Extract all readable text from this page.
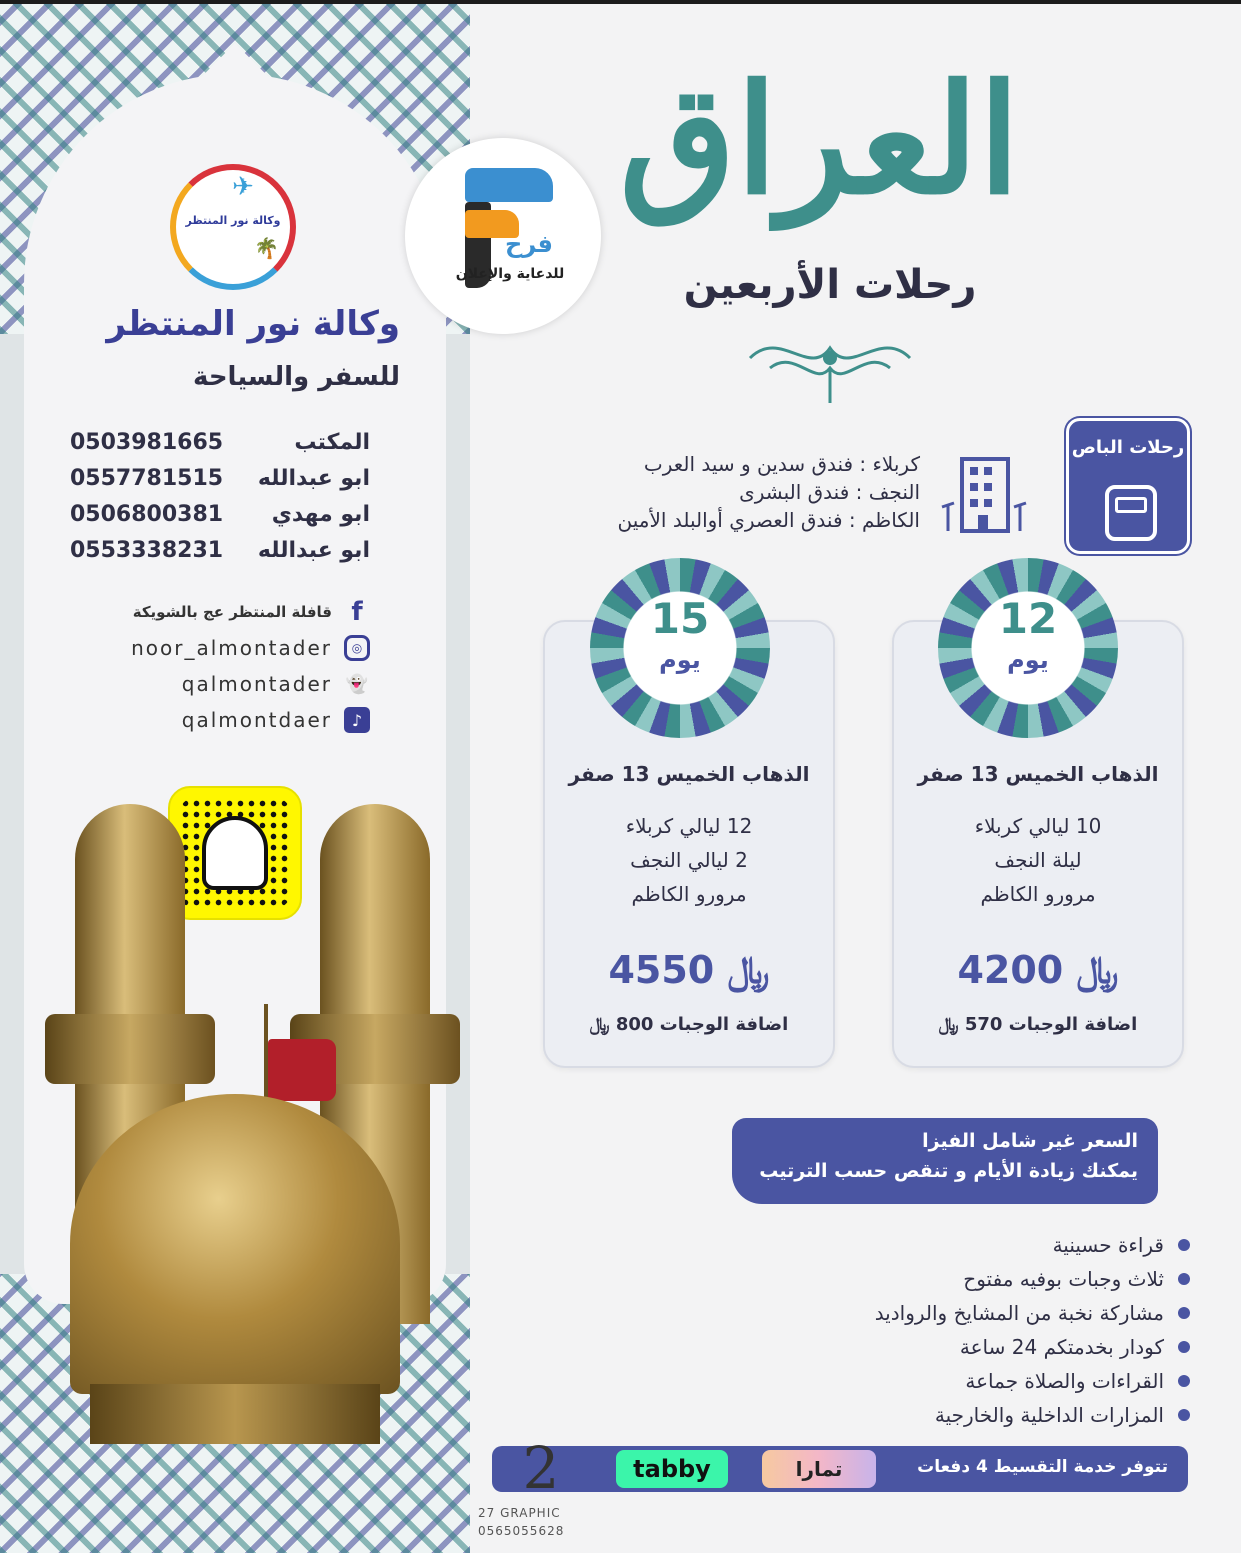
✈
وكالة نور المنتظر
🌴
وكالة نور المنتظر
للسفر والسياحة
المكتب
0503981665
ابو عبدالله
0557781515
ابو مهدي
0506800381
ابو عبدالله
0553338231
f
قافلة المنتظر عج بالشويكة
◎
noor_almontader
👻
qalmontader
♪
qalmontdaer
فرح
للدعاية والإعلان
العراق
رحلات الأربعين
رحلات الباص
كربلاء : فندق سدين و سيد العرب
النجف : فندق البشرى
الكاظم : فندق العصري أوالبلد الأمين
الذهاب الخميس 13 صفر
10 ليالي كربلاء
ليلة النجف
مرورو الكاظم
4200 ﷼
اضافة الوجبات 570 ﷼
12
يوم
الذهاب الخميس 13 صفر
12 ليالي كربلاء
2 ليالي النجف
مرورو الكاظم
4550 ﷼
اضافة الوجبات 800 ﷼
15
يوم
السعر غير شامل الفيزا
يمكنك زيادة الأيام و تنقص حسب الترتيب
قراءة حسينية
ثلاث وجبات بوفيه مفتوح
مشاركة نخبة من المشايخ والروادید
كودار بخدمتكم 24 ساعة
القراءات والصلاة جماعة
المزارات الداخلية والخارجية
تتوفر خدمة التقسيط 4 دفعات
تمارا
tabby
2
27 GRAPHIC
0565055628
